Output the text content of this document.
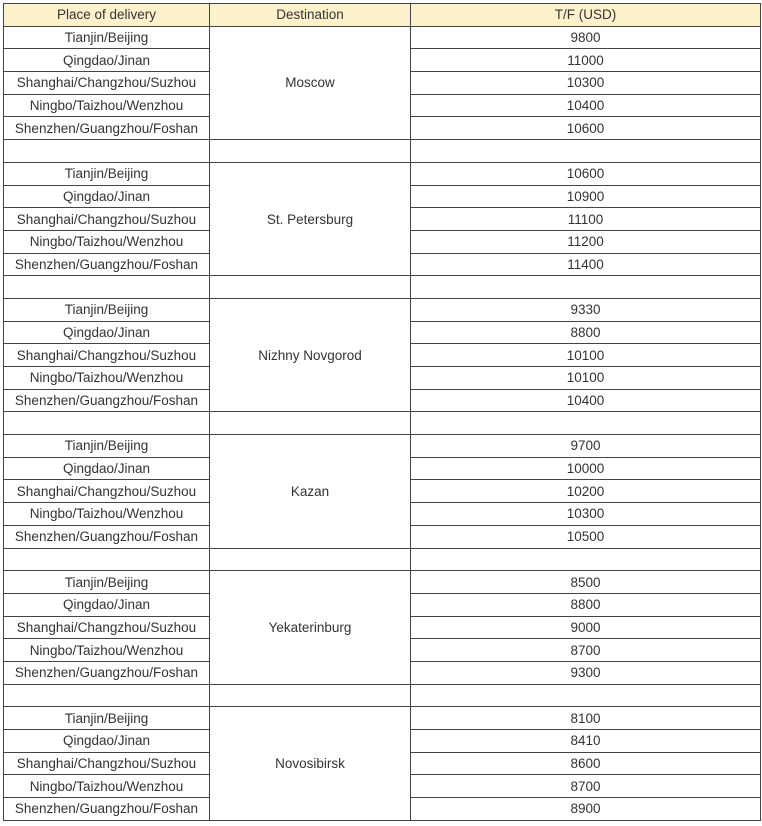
Place of delivery	Destination	T/F (USD)
Tianjin/Beijing	Moscow	9800
Qingdao/Jinan		11000
Shanghai/Changzhou/Suzhou		10300
Ningbo/Taizhou/Wenzhou		10400
Shenzhen/Guangzhou/Foshan		10600

Tianjin/Beijing	St. Petersburg	10600
Qingdao/Jinan		10900
Shanghai/Changzhou/Suzhou		11100
Ningbo/Taizhou/Wenzhou		11200
Shenzhen/Guangzhou/Foshan		11400

Tianjin/Beijing	Nizhny Novgorod	9330
Qingdao/Jinan		8800
Shanghai/Changzhou/Suzhou		10100
Ningbo/Taizhou/Wenzhou		10100
Shenzhen/Guangzhou/Foshan		10400

Tianjin/Beijing	Kazan	9700
Qingdao/Jinan		10000
Shanghai/Changzhou/Suzhou		10200
Ningbo/Taizhou/Wenzhou		10300
Shenzhen/Guangzhou/Foshan		10500

Tianjin/Beijing	Yekaterinburg	8500
Qingdao/Jinan		8800
Shanghai/Changzhou/Suzhou		9000
Ningbo/Taizhou/Wenzhou		8700
Shenzhen/Guangzhou/Foshan		9300

Tianjin/Beijing	Novosibirsk	8100
Qingdao/Jinan		8410
Shanghai/Changzhou/Suzhou		8600
Ningbo/Taizhou/Wenzhou		8700
Shenzhen/Guangzhou/Foshan		8900
